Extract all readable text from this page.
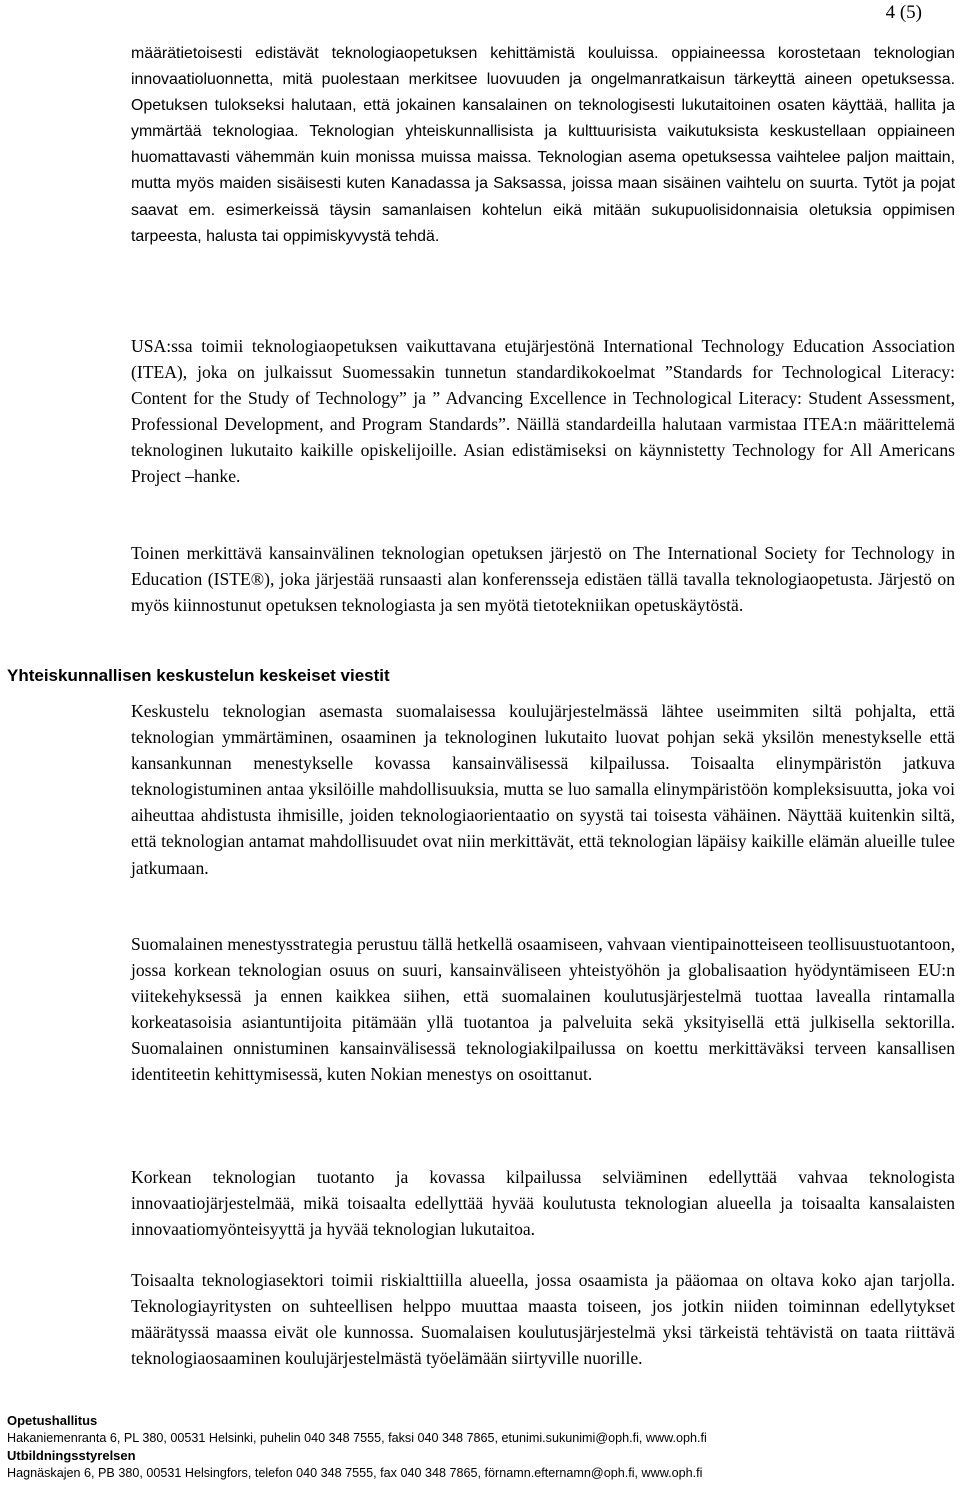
4 (5)

määrätietoisesti edistävät teknologiaopetuksen kehittämistä kouluissa. oppiaineessa korostetaan teknologian innovaatioluonnetta, mitä puolestaan merkitsee luovuuden ja ongelmanratkaisun tärkeyttä aineen opetuksessa. Opetuksen tulokseksi halutaan, että jokainen kansalainen on teknologisesti lukutaitoinen osaten käyttää, hallita ja ymmärtää teknologiaa. Teknologian yhteiskunnallisista ja kulttuurisista vaikutuksista keskustellaan oppiaineen huomattavasti vähemmän kuin monissa muissa maissa. Teknologian asema opetuksessa vaihtelee paljon maittain, mutta myös maiden sisäisesti kuten Kanadassa ja Saksassa, joissa maan sisäinen vaihtelu on suurta. Tytöt ja pojat saavat em. esimerkeissä täysin samanlaisen kohtelun eikä mitään sukupuolisidonnaisia oletuksia oppimisen tarpeesta, halusta tai oppimiskyvystä tehdä.

USA:ssa toimii teknologiaopetuksen vaikuttavana etujärjestönä International Technology Education Association (ITEA), joka on julkaissut Suomessakin tunnetun standardikokoelmat ”Standards for Technological Literacy: Content for the Study of Technology” ja ” Advancing Excellence in Technological Literacy: Student Assessment, Professional Development, and Program Standards”. Näillä standardeilla halutaan varmistaa ITEA:n määrittelemä teknologinen lukutaito kaikille opiskelijoille. Asian edistämiseksi on käynnistetty Technology for All Americans Project –hanke.

Toinen merkittävä kansainvälinen teknologian opetuksen järjestö on The International Society for Technology in Education (ISTE®), joka järjestää runsaasti alan konferensseja edistäen tällä tavalla teknologiaopetusta. Järjestö on myös kiinnostunut opetuksen teknologiasta ja sen myötä tietotekniikan opetuskäytöstä.

Yhteiskunnallisen keskustelun keskeiset viestit

Keskustelu teknologian asemasta suomalaisessa koulujärjestelmässä lähtee useimmiten siltä pohjalta, että teknologian ymmärtäminen, osaaminen ja teknologinen lukutaito luovat pohjan sekä yksilön menestykselle että kansankunnan menestykselle kovassa kansainvälisessä kilpailussa. Toisaalta elinympäristön jatkuva teknologistuminen antaa yksilöille mahdollisuuksia, mutta se luo samalla elinympäristöön kompleksisuutta, joka voi aiheuttaa ahdistusta ihmisille, joiden teknologiaorientaatio on syystä tai toisesta vähäinen. Näyttää kuitenkin siltä, että teknologian antamat mahdollisuudet ovat niin merkittävät, että teknologian läpäisy kaikille elämän alueille tulee jatkumaan.

Suomalainen menestysstrategia perustuu tällä hetkellä osaamiseen, vahvaan vientipainotteiseen teollisuustuotantoon, jossa korkean teknologian osuus on suuri, kansainväliseen yhteistyöhön ja globalisaation hyödyntämiseen EU:n viitekehyksessä ja ennen kaikkea siihen, että suomalainen koulutusjärjestelmä tuottaa lavealla rintamalla korkeatasoisia asiantuntijoita pitämään yllä tuotantoa ja palveluita sekä yksityisellä että julkisella sektorilla. Suomalainen onnistuminen kansainvälisessä teknologiakilpailussa on koettu merkittäväksi terveen kansallisen identiteetin kehittymisessä, kuten Nokian menestys on osoittanut.

Korkean teknologian tuotanto ja kovassa kilpailussa selviäminen edellyttää vahvaa teknologista innovaatiojärjestelmää, mikä toisaalta edellyttää hyvää koulutusta teknologian alueella ja toisaalta kansalaisten innovaatiomyönteisyyttä ja hyvää teknologian lukutaitoa.

Toisaalta teknologiasektori toimii riskialttiilla alueella, jossa osaamista ja pääomaa on oltava koko ajan tarjolla. Teknologiayritysten on suhteellisen helppo muuttaa maasta toiseen, jos jotkin niiden toiminnan edellytykset määrätyssä maassa eivät ole kunnossa. Suomalaisen koulutusjärjestelmä yksi tärkeistä tehtävistä on taata riittävä teknologiaosaaminen koulujärjestelmästä työelämään siirtyville nuorille.

Opetushallitus
Hakaniemenranta 6, PL 380, 00531 Helsinki, puhelin 040 348 7555, faksi 040 348 7865, etunimi.sukunimi@oph.fi, www.oph.fi
Utbildningsstyrelsen
Hagnäskajen 6, PB 380, 00531 Helsingfors, telefon 040 348 7555, fax 040 348 7865, förnamn.efternamn@oph.fi, www.oph.fi
